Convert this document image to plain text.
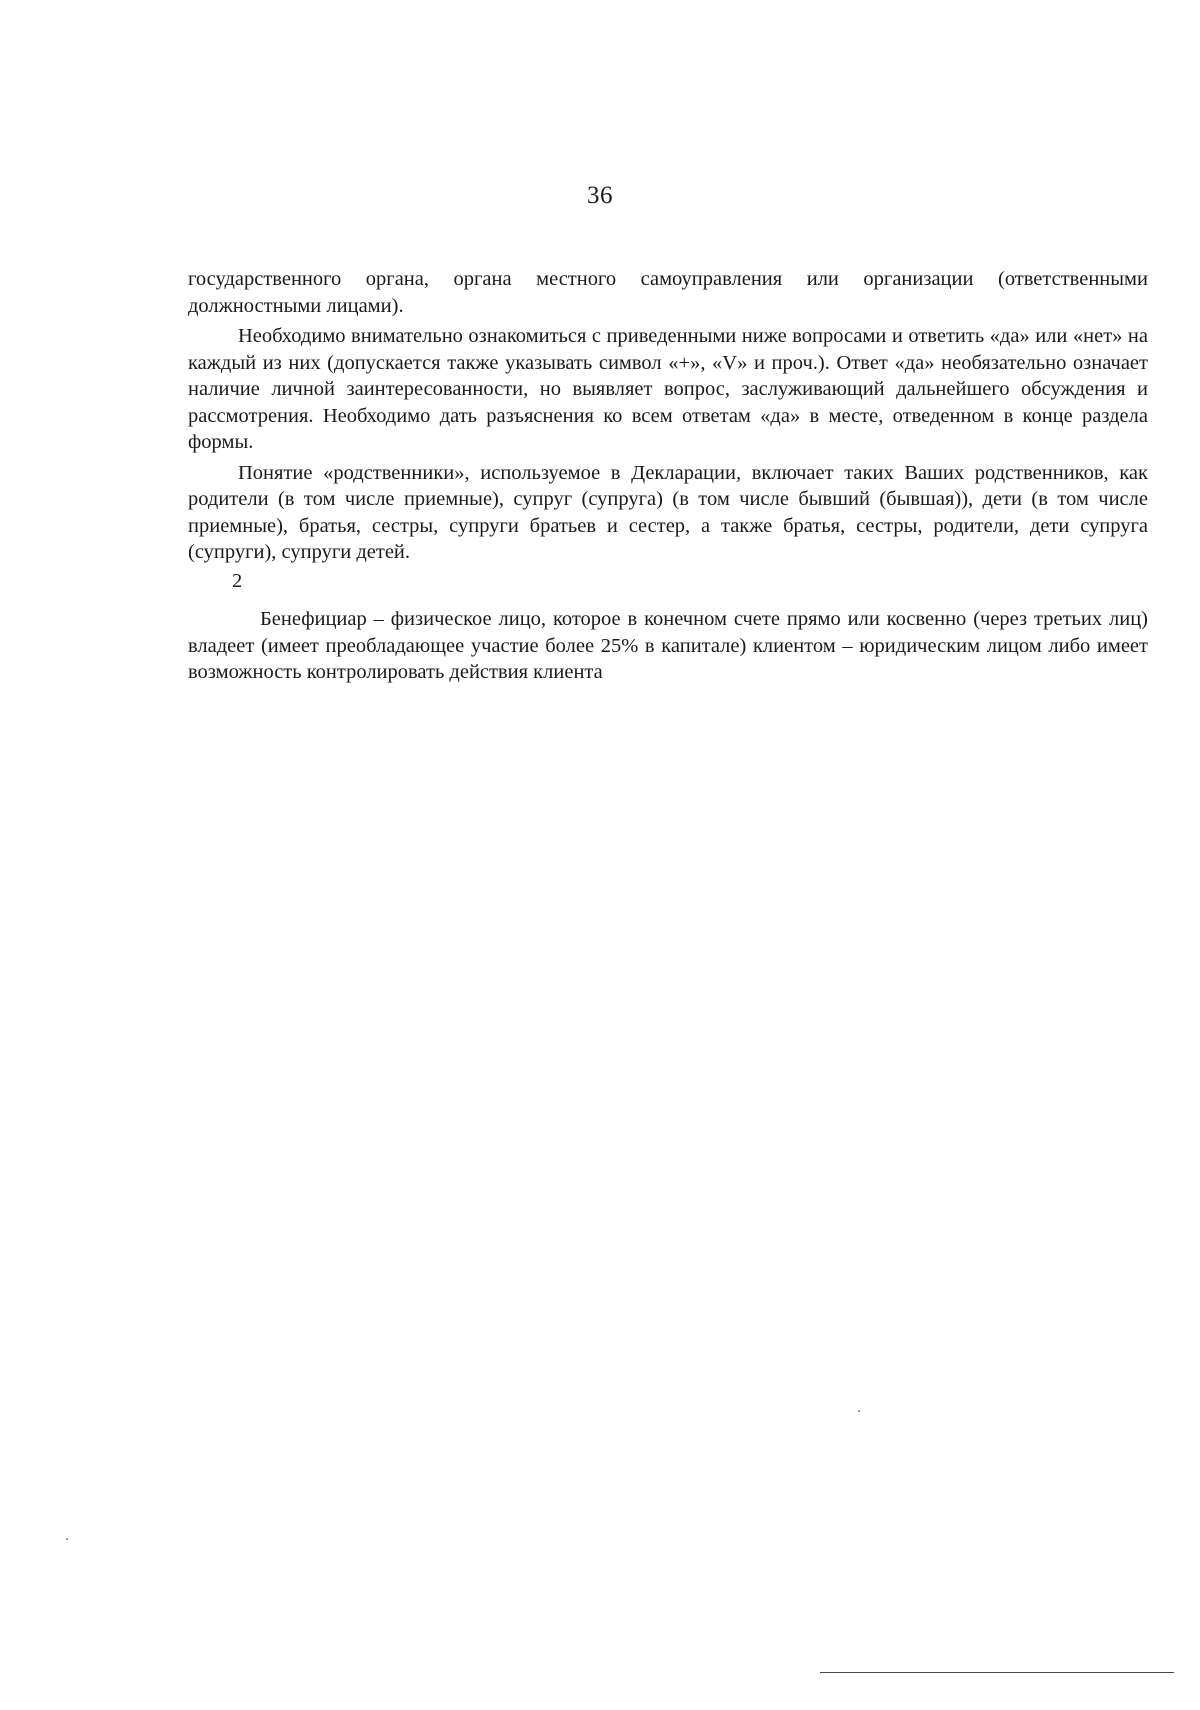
36

государственного органа, органа местного самоуправления или организации (ответственными должностными лицами).

Необходимо внимательно ознакомиться с приведенными ниже вопросами и ответить «да» или «нет» на каждый из них (допускается также указывать символ «+», «V» и проч.). Ответ «да» необязательно означает наличие личной заинтересованности, но выявляет вопрос, заслуживающий дальнейшего обсуждения и рассмотрения. Необходимо дать разъяснения ко всем ответам «да» в месте, отведенном в конце раздела формы.

Понятие «родственники», используемое в Декларации, включает таких Ваших родственников, как родители (в том числе приемные), супруг (супруга) (в том числе бывший (бывшая)), дети (в том числе приемные), братья, сестры, супруги братьев и сестер, а также братья, сестры, родители, дети супруга (супруги), супруги детей.

2

Бенефициар – физическое лицо, которое в конечном счете прямо или косвенно (через третьих лиц) владеет (имеет преобладающее участие более 25% в капитале) клиентом – юридическим лицом либо имеет возможность контролировать действия клиента
